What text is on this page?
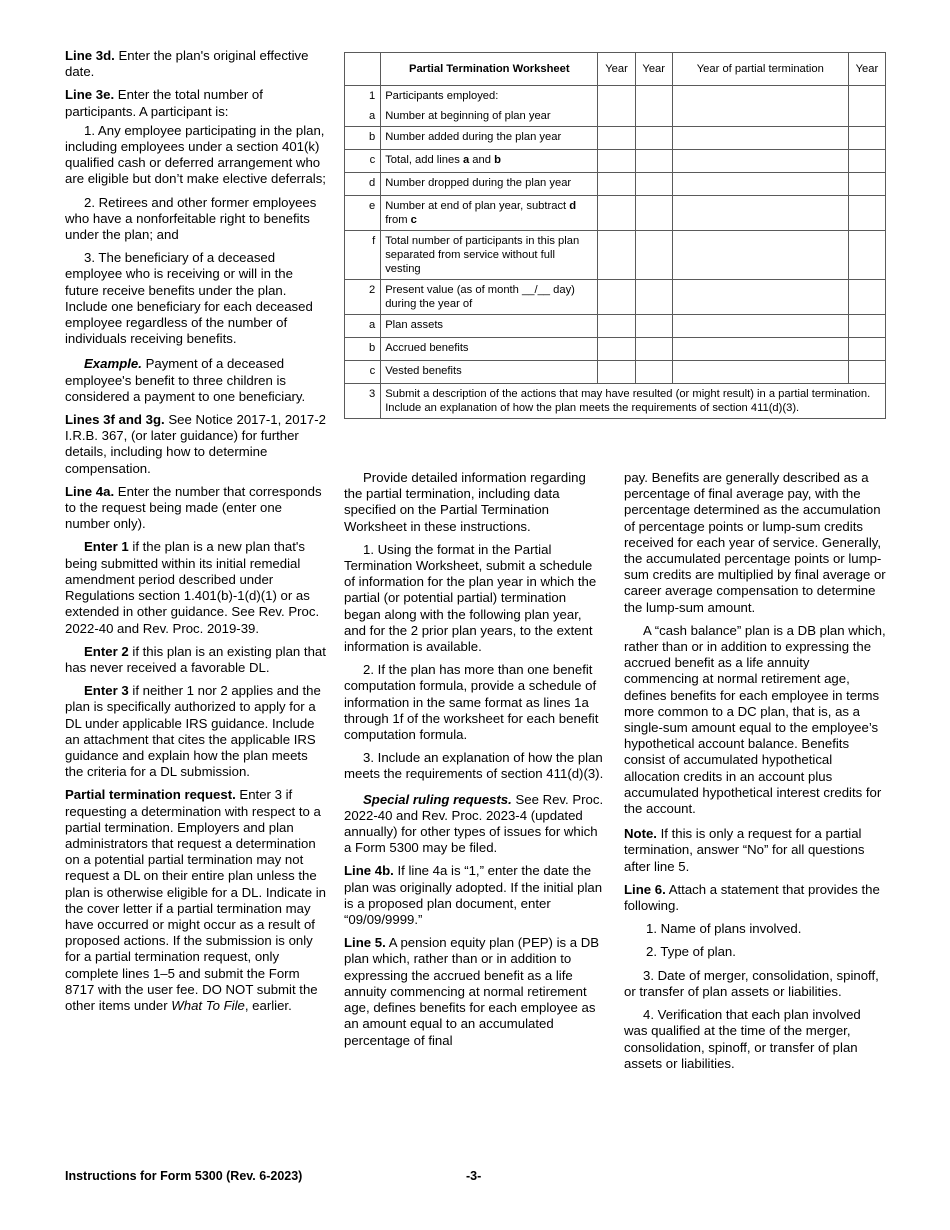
Line 3d. Enter the plan's original effective date.

Line 3e. Enter the total number of participants. A participant is:

1. Any employee participating in the plan, including employees under a section 401(k) qualified cash or deferred arrangement who are eligible but don’t make elective deferrals;

2. Retirees and other former employees who have a nonforfeitable right to benefits under the plan; and

3. The beneficiary of a deceased employee who is receiving or will in the future receive benefits under the plan. Include one beneficiary for each deceased employee regardless of the number of individuals receiving benefits.

Example. Payment of a deceased employee's benefit to three children is considered a payment to one beneficiary.

Lines 3f and 3g. See Notice 2017-1, 2017-2 I.R.B. 367, (or later guidance) for further details, including how to determine compensation.

Line 4a. Enter the number that corresponds to the request being made (enter one number only).

Enter 1 if the plan is a new plan that's being submitted within its initial remedial amendment period described under Regulations section 1.401(b)-1(d)(1) or as extended in other guidance. See Rev. Proc. 2022-40 and Rev. Proc. 2019-39.

Enter 2 if this plan is an existing plan that has never received a favorable DL.

Enter 3 if neither 1 nor 2 applies and the plan is specifically authorized to apply for a DL under applicable IRS guidance. Include an attachment that cites the applicable IRS guidance and explain how the plan meets the criteria for a DL submission.

Partial termination request. Enter 3 if requesting a determination with respect to a partial termination. Employers and plan administrators that request a determination on a potential partial termination may not request a DL on their entire plan unless the plan is otherwise eligible for a DL. Indicate in the cover letter if a partial termination may have occurred or might occur as a result of proposed actions. If the submission is only for a partial termination request, only complete lines 1–5 and submit the Form 8717 with the user fee. DO NOT submit the other items under What To File, earlier.

	Partial Termination Worksheet	Year	Year	Year of partial termination	Year
1	Participants employed:				
a	Number at beginning of plan year				
b	Number added during the plan year				
c	Total, add lines a and b				
d	Number dropped during the plan year				
e	Number at end of plan year, subtract d from c				
f	Total number of participants in this plan separated from service without full vesting				
2	Present value (as of month __/__ day) during the year of				
a	Plan assets				
b	Accrued benefits				
c	Vested benefits				
3	Submit a description of the actions that may have resulted (or might result) in a partial termination. Include an explanation of how the plan meets the requirements of section 411(d)(3).				

Provide detailed information regarding the partial termination, including data specified on the Partial Termination Worksheet in these instructions.

1. Using the format in the Partial Termination Worksheet, submit a schedule of information for the plan year in which the partial (or potential partial) termination began along with the following plan year, and for the 2 prior plan years, to the extent information is available.

2. If the plan has more than one benefit computation formula, provide a schedule of information in the same format as lines 1a through 1f of the worksheet for each benefit computation formula.

3. Include an explanation of how the plan meets the requirements of section 411(d)(3).

Special ruling requests. See Rev. Proc. 2022-40 and Rev. Proc. 2023-4 (updated annually) for other types of issues for which a Form 5300 may be filed.

Line 4b. If line 4a is “1,” enter the date the plan was originally adopted. If the initial plan is a proposed plan document, enter “09/09/9999.”

Line 5. A pension equity plan (PEP) is a DB plan which, rather than or in addition to expressing the accrued benefit as a life annuity commencing at normal retirement age, defines benefits for each employee as an amount equal to an accumulated percentage of final

pay. Benefits are generally described as a percentage of final average pay, with the percentage determined as the accumulation of percentage points or lump-sum credits received for each year of service. Generally, the accumulated percentage points or lump-sum credits are multiplied by final average or career average compensation to determine the lump-sum amount.

A “cash balance” plan is a DB plan which, rather than or in addition to expressing the accrued benefit as a life annuity commencing at normal retirement age, defines benefits for each employee in terms more common to a DC plan, that is, as a single-sum amount equal to the employee’s hypothetical account balance. Benefits consist of accumulated hypothetical allocation credits in an account plus accumulated hypothetical interest credits for the account.

Note. If this is only a request for a partial termination, answer “No” for all questions after line 5.

Line 6. Attach a statement that provides the following.

1. Name of plans involved.

2. Type of plan.

3. Date of merger, consolidation, spinoff, or transfer of plan assets or liabilities.

4. Verification that each plan involved was qualified at the time of the merger, consolidation, spinoff, or transfer of plan assets or liabilities.

Instructions for Form 5300 (Rev. 6-2023)	-3-
